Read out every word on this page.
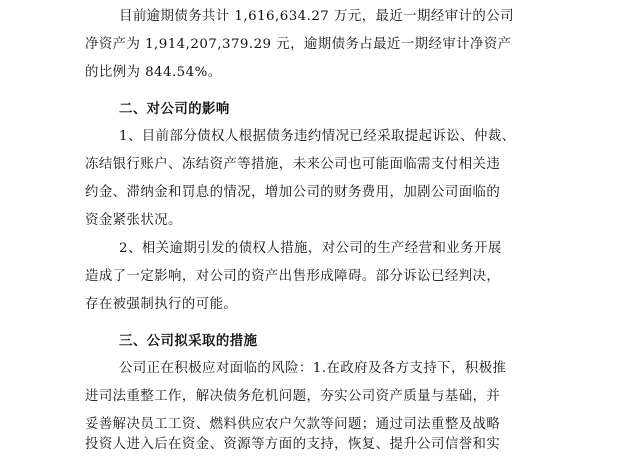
目前逾期债务共计 1,616,634.27 万元，最近一期经审计的公司
净资产为 1,914,207,379.29 元，逾期债务占最近一期经审计净资产
的比例为 844.54%。
二、对公司的影响
1、目前部分债权人根据债务违约情况已经采取提起诉讼、仲裁、
冻结银行账户、冻结资产等措施，未来公司也可能面临需支付相关违
约金、滞纳金和罚息的情况，增加公司的财务费用，加剧公司面临的
资金紧张状况。
2、相关逾期引发的债权人措施，对公司的生产经营和业务开展
造成了一定影响，对公司的资产出售形成障碍。部分诉讼已经判决，
存在被强制执行的可能。
三、公司拟采取的措施
公司正在积极应对面临的风险：1.在政府及各方支持下，积极推
进司法重整工作，解决债务危机问题，夯实公司资产质量与基础，并
妥善解决员工工资、燃料供应农户欠款等问题；通过司法重整及战略
投资人进入后在资金、资源等方面的支持，恢复、提升公司信誉和实
